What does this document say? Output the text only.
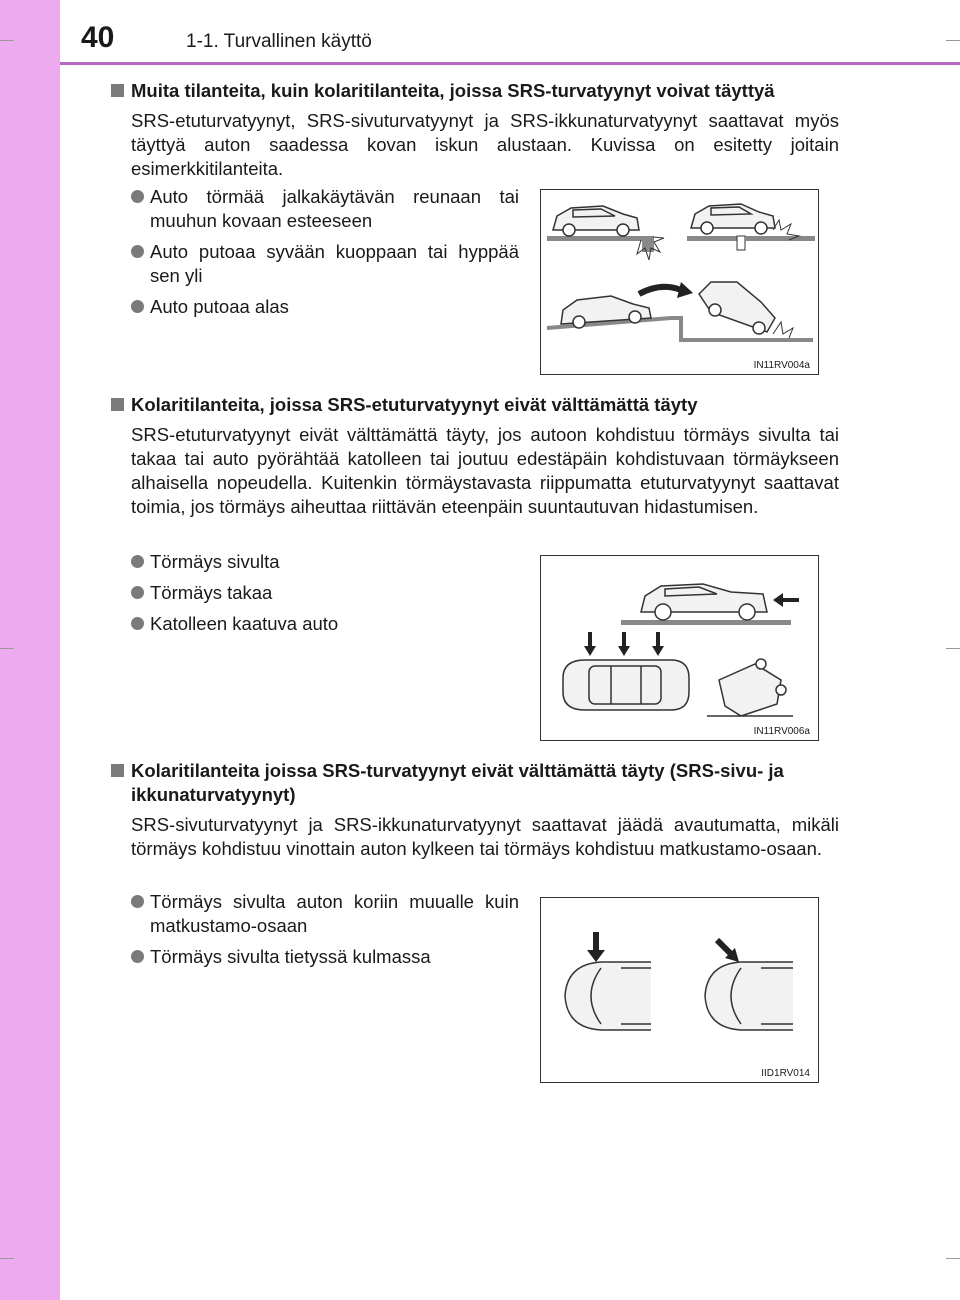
40	1-1. Turvallinen käyttö
Muita tilanteita, kuin kolaritilanteita, joissa SRS-turvatyynyt voivat täyttyä
SRS-etuturvatyynyt, SRS-sivuturvatyynyt ja SRS-ikkunaturvatyynyt saattavat myös täyttyä auton saadessa kovan iskun alustaan. Kuvissa on esitetty joitain esimerkkitilanteita.
Auto törmää jalkakäytävän reunaan tai muuhun kovaan esteeseen
Auto putoaa syvään kuoppaan tai hyppää sen yli
Auto putoaa alas
IN11RV004a
Kolaritilanteita, joissa SRS-etuturvatyynyt eivät välttämättä täyty
SRS-etuturvatyynyt eivät välttämättä täyty, jos autoon kohdistuu törmäys sivulta tai takaa tai auto pyörähtää katolleen tai joutuu edestäpäin kohdistuvaan törmäykseen alhaisella nopeudella. Kuitenkin törmäystavasta riippumatta etuturvatyynyt saattavat toimia, jos törmäys aiheuttaa riittävän eteenpäin suuntautuvan hidastumisen.
Törmäys sivulta
Törmäys takaa
Katolleen kaatuva auto
IN11RV006a
Kolaritilanteita joissa SRS-turvatyynyt eivät välttämättä täyty (SRS-sivu- ja ikkunaturvatyynyt)
SRS-sivuturvatyynyt ja SRS-ikkunaturvatyynyt saattavat jäädä avautumatta, mikäli törmäys kohdistuu vinottain auton kylkeen tai törmäys kohdistuu matkustamo-osaan.
Törmäys sivulta auton koriin muualle kuin matkustamo-osaan
Törmäys sivulta tietyssä kulmassa
IID1RV014
